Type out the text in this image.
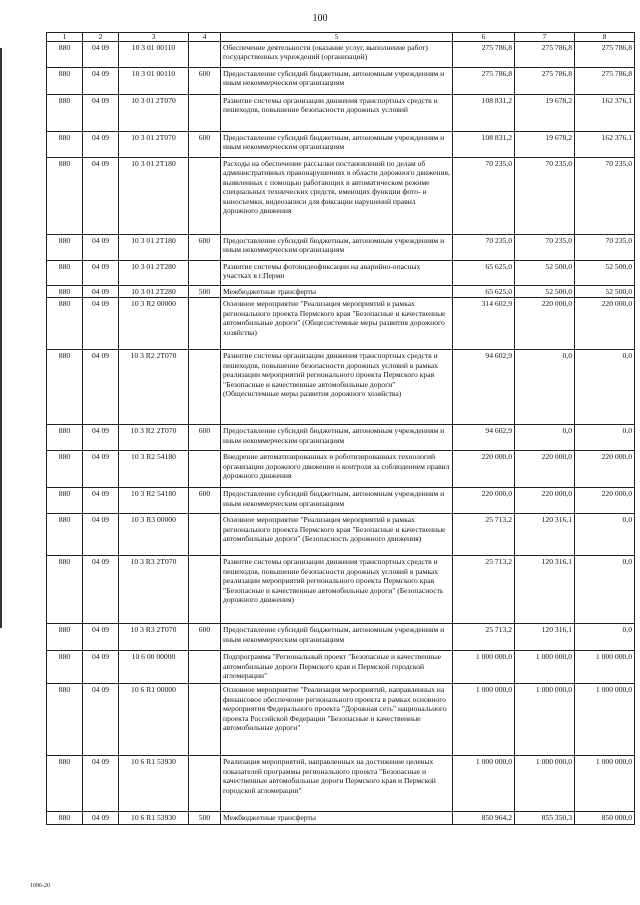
100
1	2	3	4	5	6	7	8
880	04 09	10 3 01 00110		Обеспечение деятельности (оказание услуг, выполнение работ) государственных учреждений (организаций)	275 786,8	275 786,8	275 786,8
880	04 09	10 3 01 00110	600	Предоставление субсидий бюджетным, автономным учреждениям и иным некоммерческим организациям	275 786,8	275 786,8	275 786,8
880	04 09	10 3 01 2Т070		Развитие системы организации движения транспортных средств и пешеходов, повышение безопасности дорожных условий	108 831,2	19 678,2	162 376,1
880	04 09	10 3 01 2Т070	600	Предоставление субсидий бюджетным, автономным учреждениям и иным некоммерческим организациям	108 831,2	19 678,2	162 376,1
880	04 09	10 3 01 2Т180		Расходы на обеспечение рассылки постановлений по делам об административных правонарушениях в области дорожного движения, выявленных с помощью работающих в автоматическом режиме специальных технических средств, имеющих функции фото- и киносъемки, видеозаписи для фиксации нарушений правил дорожного движения	70 235,0	70 235,0	70 235,0
880	04 09	10 3 01 2Т180	600	Предоставление субсидий бюджетным, автономным учреждениям и иным некоммерческим организациям	70 235,0	70 235,0	70 235,0
880	04 09	10 3 01 2Т280		Развитие системы фотовидеофиксации на аварийно-опасных участках в г.Перми	65 625,0	52 500,0	52 500,0
880	04 09	10 3 01 2Т280	500	Межбюджетные трансферты	65 625,0	52 500,0	52 500,0
880	04 09	10 3 R2 00000		Основное мероприятие "Реализация мероприятий в рамках регионального проекта Пермского края "Безопасные и качественные автомобильные дороги" (Общесистемные меры развития дорожного хозяйства)	314 602,9	220 000,0	220 000,0
880	04 09	10 3 R2 2Т070		Развитие системы организации движения транспортных средств и пешеходов, повышение безопасности дорожных условий в рамках реализации мероприятий регионального проекта Пермского края "Безопасные и качественные автомобильные дороги" (Общесистемные меры развития дорожного хозяйства)	94 602,9	0,0	0,0
880	04 09	10 3 R2 2Т070	600	Предоставление субсидий бюджетным, автономным учреждениям и иным некоммерческим организациям	94 602,9	0,0	0,0
880	04 09	10 3 R2 54180		Внедрение автоматизированных и роботизированных технологий организации дорожного движения и контроля за соблюдением правил дорожного движения	220 000,0	220 000,0	220 000,0
880	04 09	10 3 R2 54180	600	Предоставление субсидий бюджетным, автономным учреждениям и иным некоммерческим организациям	220 000,0	220 000,0	220 000,0
880	04 09	10 3 R3 00000		Основное мероприятие "Реализация мероприятий в рамках регионального проекта Пермского края "Безопасные и качественные автомобильные дороги" (Безопасность дорожного движения)	25 713,2	120 316,1	0,0
880	04 09	10 3 R3 2Т070		Развитие системы организации движения транспортных средств и пешеходов, повышение безопасности дорожных условий в рамках реализации мероприятий регионального проекта Пермского края "Безопасные и качественные автомобильные дороги" (Безопасность дорожного движения)	25 713,2	120 316,1	0,0
880	04 09	10 3 R3 2Т070	600	Предоставление субсидий бюджетным, автономным учреждениям и иным некоммерческим организациям	25 713,2	120 316,1	0,0
880	04 09	10 6 00 00000		Подпрограмма "Региональный проект "Безопасные и качественные автомобильные дороги Пермского края и Пермской городской агломерации"	1 000 000,0	1 000 000,0	1 000 000,0
880	04 09	10 6 R1 00000		Основное мероприятие "Реализация мероприятий, направленных на финансовое обеспечение регионального проекта в рамках основного мероприятия Федерального проекта "Дорожная сеть" национального проекта Российской Федерации "Безопасные и качественные автомобильные дороги"	1 000 000,0	1 000 000,0	1 000 000,0
880	04 09	10 6 R1 53930		Реализация мероприятий, направленных на достижение целевых показателей программы регионального проекта "Безопасные и качественные автомобильные дороги Пермского края и Пермской городской агломерации"	1 000 000,0	1 000 000,0	1 000 000,0
880	04 09	10 6 R1 53930	500	Межбюджетные трансферты	850 964,2	855 350,3	850 000,0
1096-20
